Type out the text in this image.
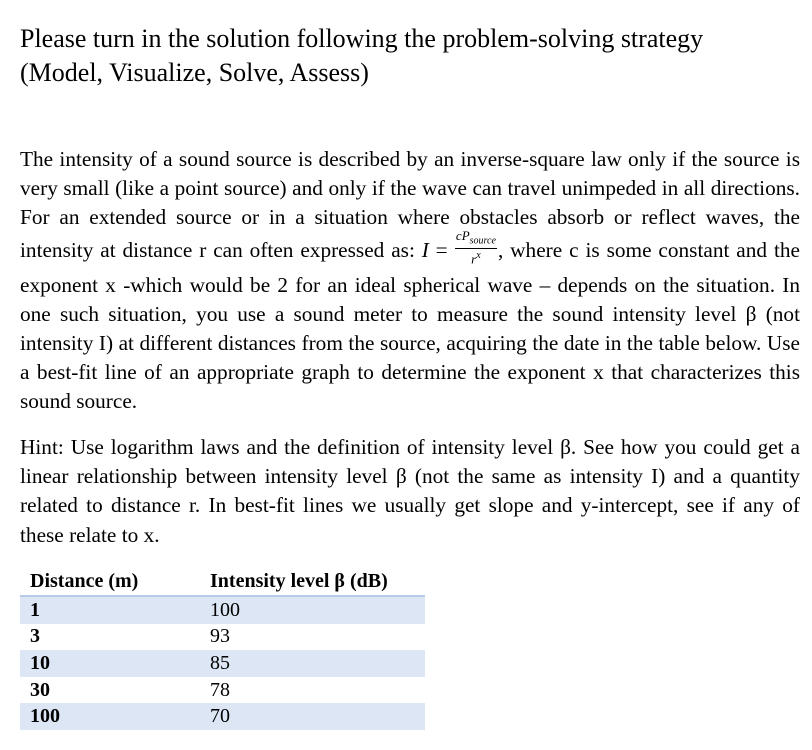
Please turn in the solution following the problem-solving strategy
(Model, Visualize, Solve, Assess)

The intensity of a sound source is described by an inverse-square law only if the source is very small (like a point source) and only if the wave can travel unimpeded in all directions. For an extended source or in a situation where obstacles absorb or reflect waves, the intensity at distance r can often expressed as: $I = \frac{cP_{source}}{r^x}$ , where c is some constant and the exponent x -which would be 2 for an ideal spherical wave – depends on the situation. In one such situation, you use a sound meter to measure the sound intensity level β (not intensity I) at different distances from the source, acquiring the date in the table below. Use a best-fit line of an appropriate graph to determine the exponent x that characterizes this sound source.

Hint: Use logarithm laws and the definition of intensity level β. See how you could get a linear relationship between intensity level β (not the same as intensity I) and a quantity related to distance r. In best-fit lines we usually get slope and y-intercept, see if any of these relate to x.

Distance (m)	Intensity level β (dB)
1	100
3	93
10	85
30	78
100	70
